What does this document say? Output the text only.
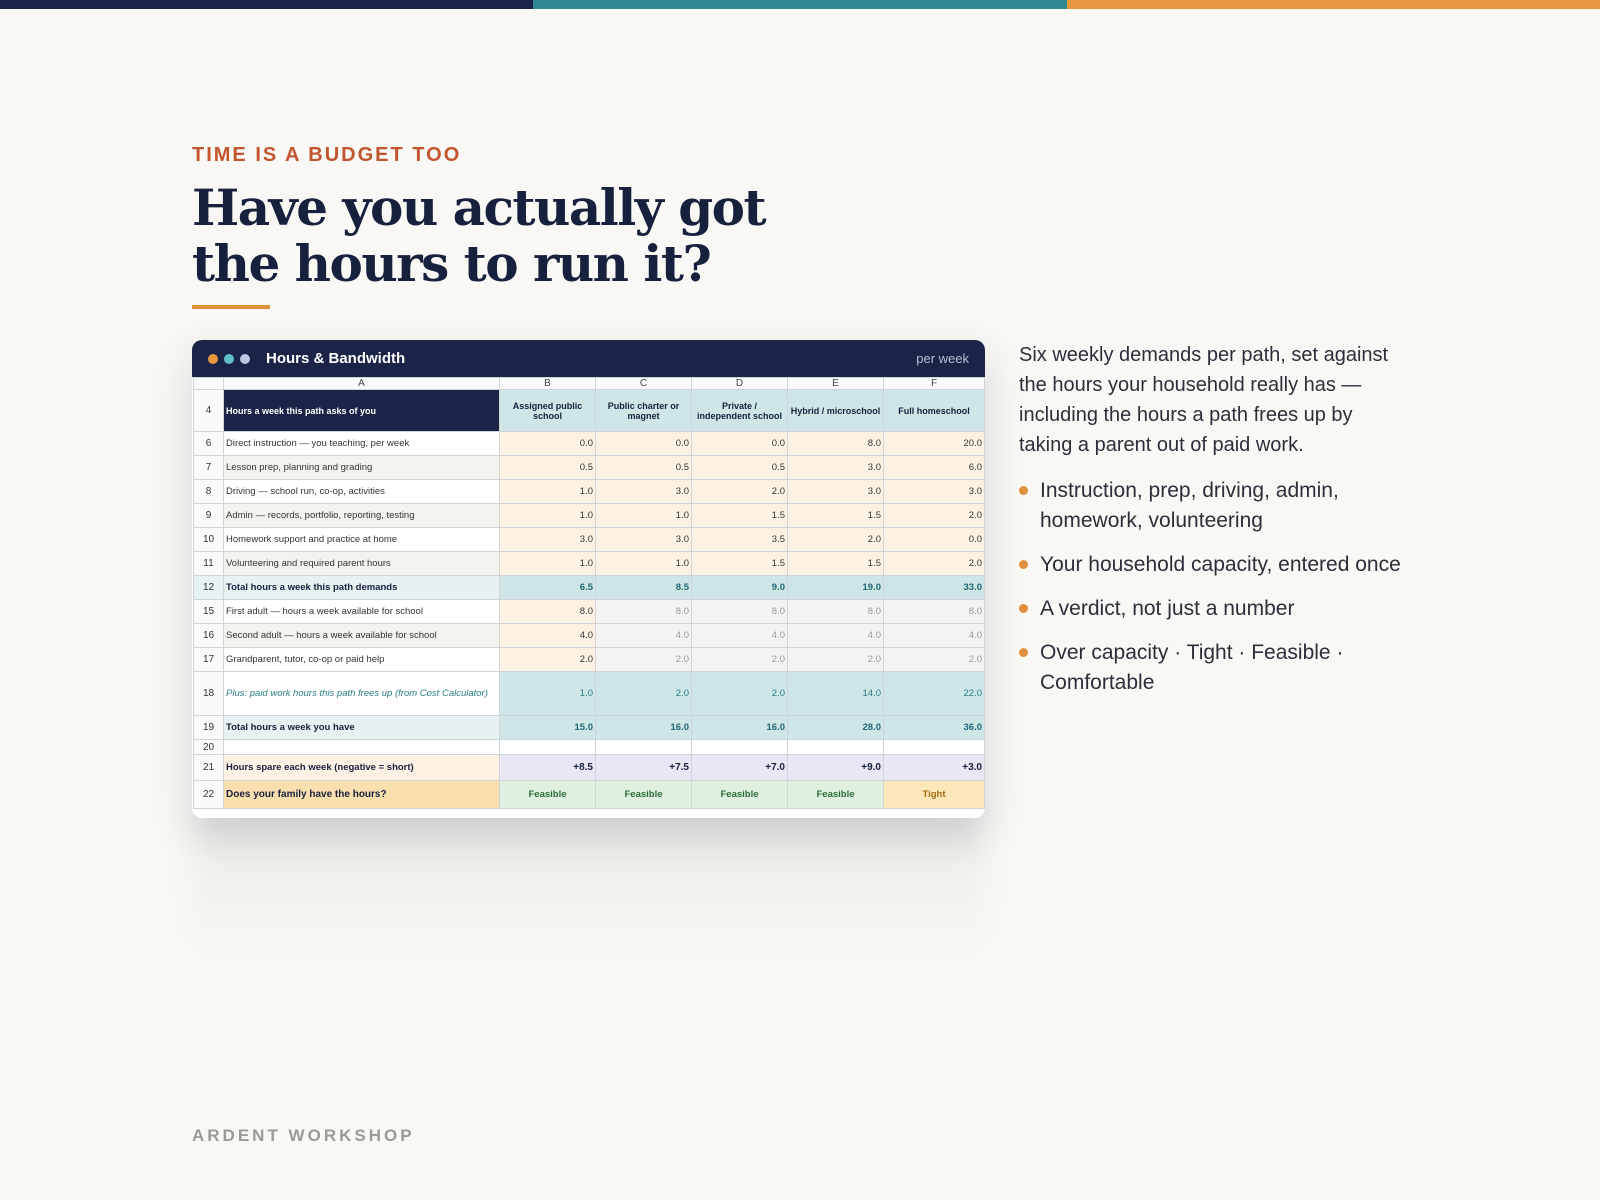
TIME IS A BUDGET TOO
Have you actually got the hours to run it?
Hours & Bandwidth	per week
	A	B	C	D	E	F
4	Hours a week this path asks of you	Assigned public school	Public charter or magnet	Private / independent school	Hybrid / microschool	Full homeschool
6	Direct instruction — you teaching, per week	0.0	0.0	0.0	8.0	20.0
7	Lesson prep, planning and grading	0.5	0.5	0.5	3.0	6.0
8	Driving — school run, co-op, activities	1.0	3.0	2.0	3.0	3.0
9	Admin — records, portfolio, reporting, testing	1.0	1.0	1.5	1.5	2.0
10	Homework support and practice at home	3.0	3.0	3.5	2.0	0.0
11	Volunteering and required parent hours	1.0	1.0	1.5	1.5	2.0
12	Total hours a week this path demands	6.5	8.5	9.0	19.0	33.0
15	First adult — hours a week available for school	8.0	8.0	8.0	8.0	8.0
16	Second adult — hours a week available for school	4.0	4.0	4.0	4.0	4.0
17	Grandparent, tutor, co-op or paid help	2.0	2.0	2.0	2.0	2.0
18	Plus: paid work hours this path frees up (from Cost Calculator)	1.0	2.0	2.0	14.0	22.0
19	Total hours a week you have	15.0	16.0	16.0	28.0	36.0
20						
21	Hours spare each week (negative = short)	+8.5	+7.5	+7.0	+9.0	+3.0
22	Does your family have the hours?	Feasible	Feasible	Feasible	Feasible	Tight

Six weekly demands per path, set against the hours your household really has — including the hours a path frees up by taking a parent out of paid work.

Instruction, prep, driving, admin, homework, volunteering
Your household capacity, entered once
A verdict, not just a number
Over capacity · Tight · Feasible · Comfortable
ARDENT WORKSHOP
